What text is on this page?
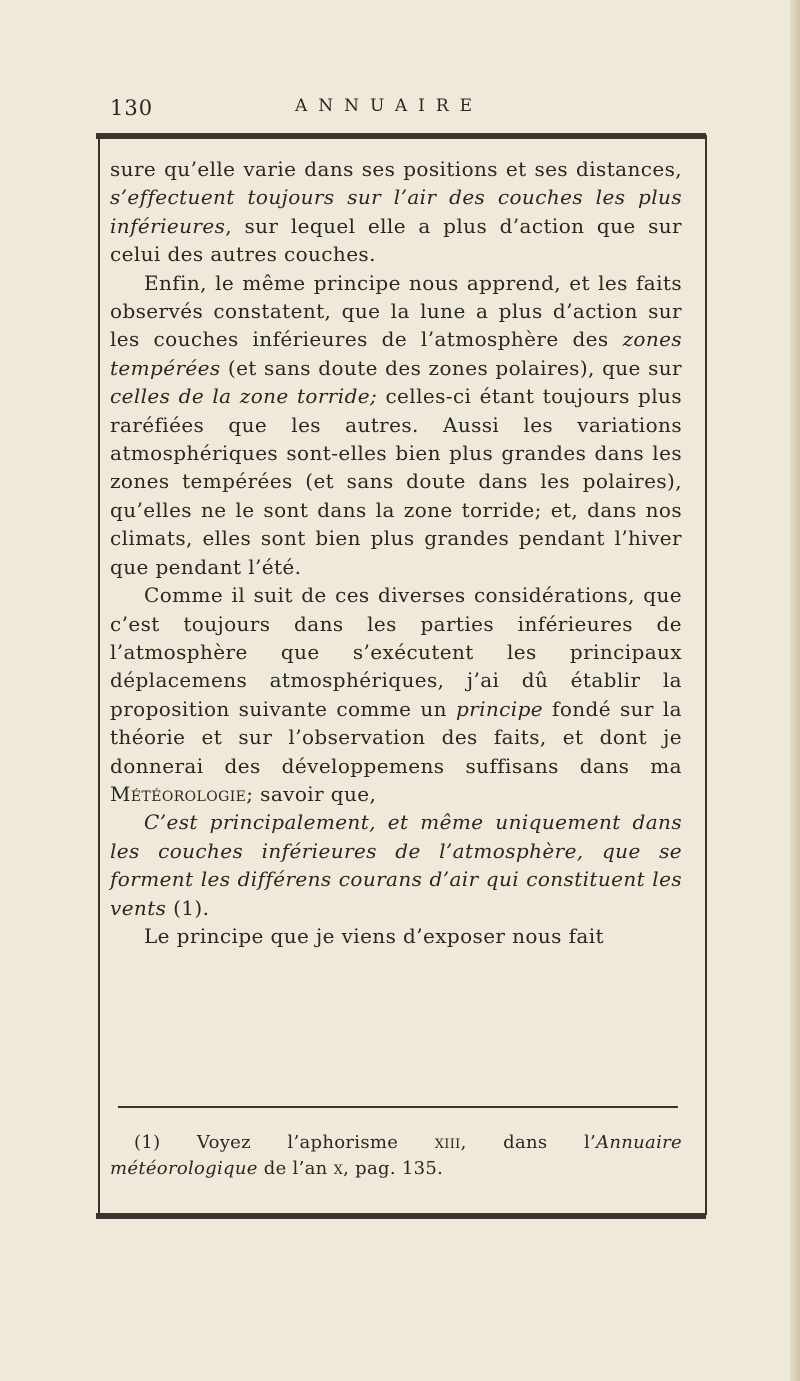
130	ANNUAIRE

sure qu’elle varie dans ses positions et ses distances, s’effectuent toujours sur l’air des couches les plus inférieures, sur lequel elle a plus d’action que sur celui des autres couches.

Enfin, le même principe nous apprend, et les faits observés constatent, que la lune a plus d’action sur les couches inférieures de l’atmosphère des zones tempérées (et sans doute des zones polaires), que sur celles de la zone torride; celles-ci étant toujours plus raréfiées que les autres. Aussi les variations atmosphériques sont-elles bien plus grandes dans les zones tempérées (et sans doute dans les polaires), qu’elles ne le sont dans la zone torride; et, dans nos climats, elles sont bien plus grandes pendant l’hiver que pendant l’été.

Comme il suit de ces diverses considérations, que c’est toujours dans les parties inférieures de l’atmosphère que s’exécutent les principaux déplacemens atmosphériques, j’ai dû établir la proposition suivante comme un principe fondé sur la théorie et sur l’observation des faits, et dont je donnerai des développemens suffisans dans ma Météorologie; savoir que,

C’est principalement, et même uniquement dans les couches inférieures de l’atmosphère, que se forment les différens courans d’air qui constituent les vents (1).

Le principe que je viens d’exposer nous fait

(1) Voyez l’aphorisme xiii, dans l’Annuaire météorologique de l’an x, pag. 135.
